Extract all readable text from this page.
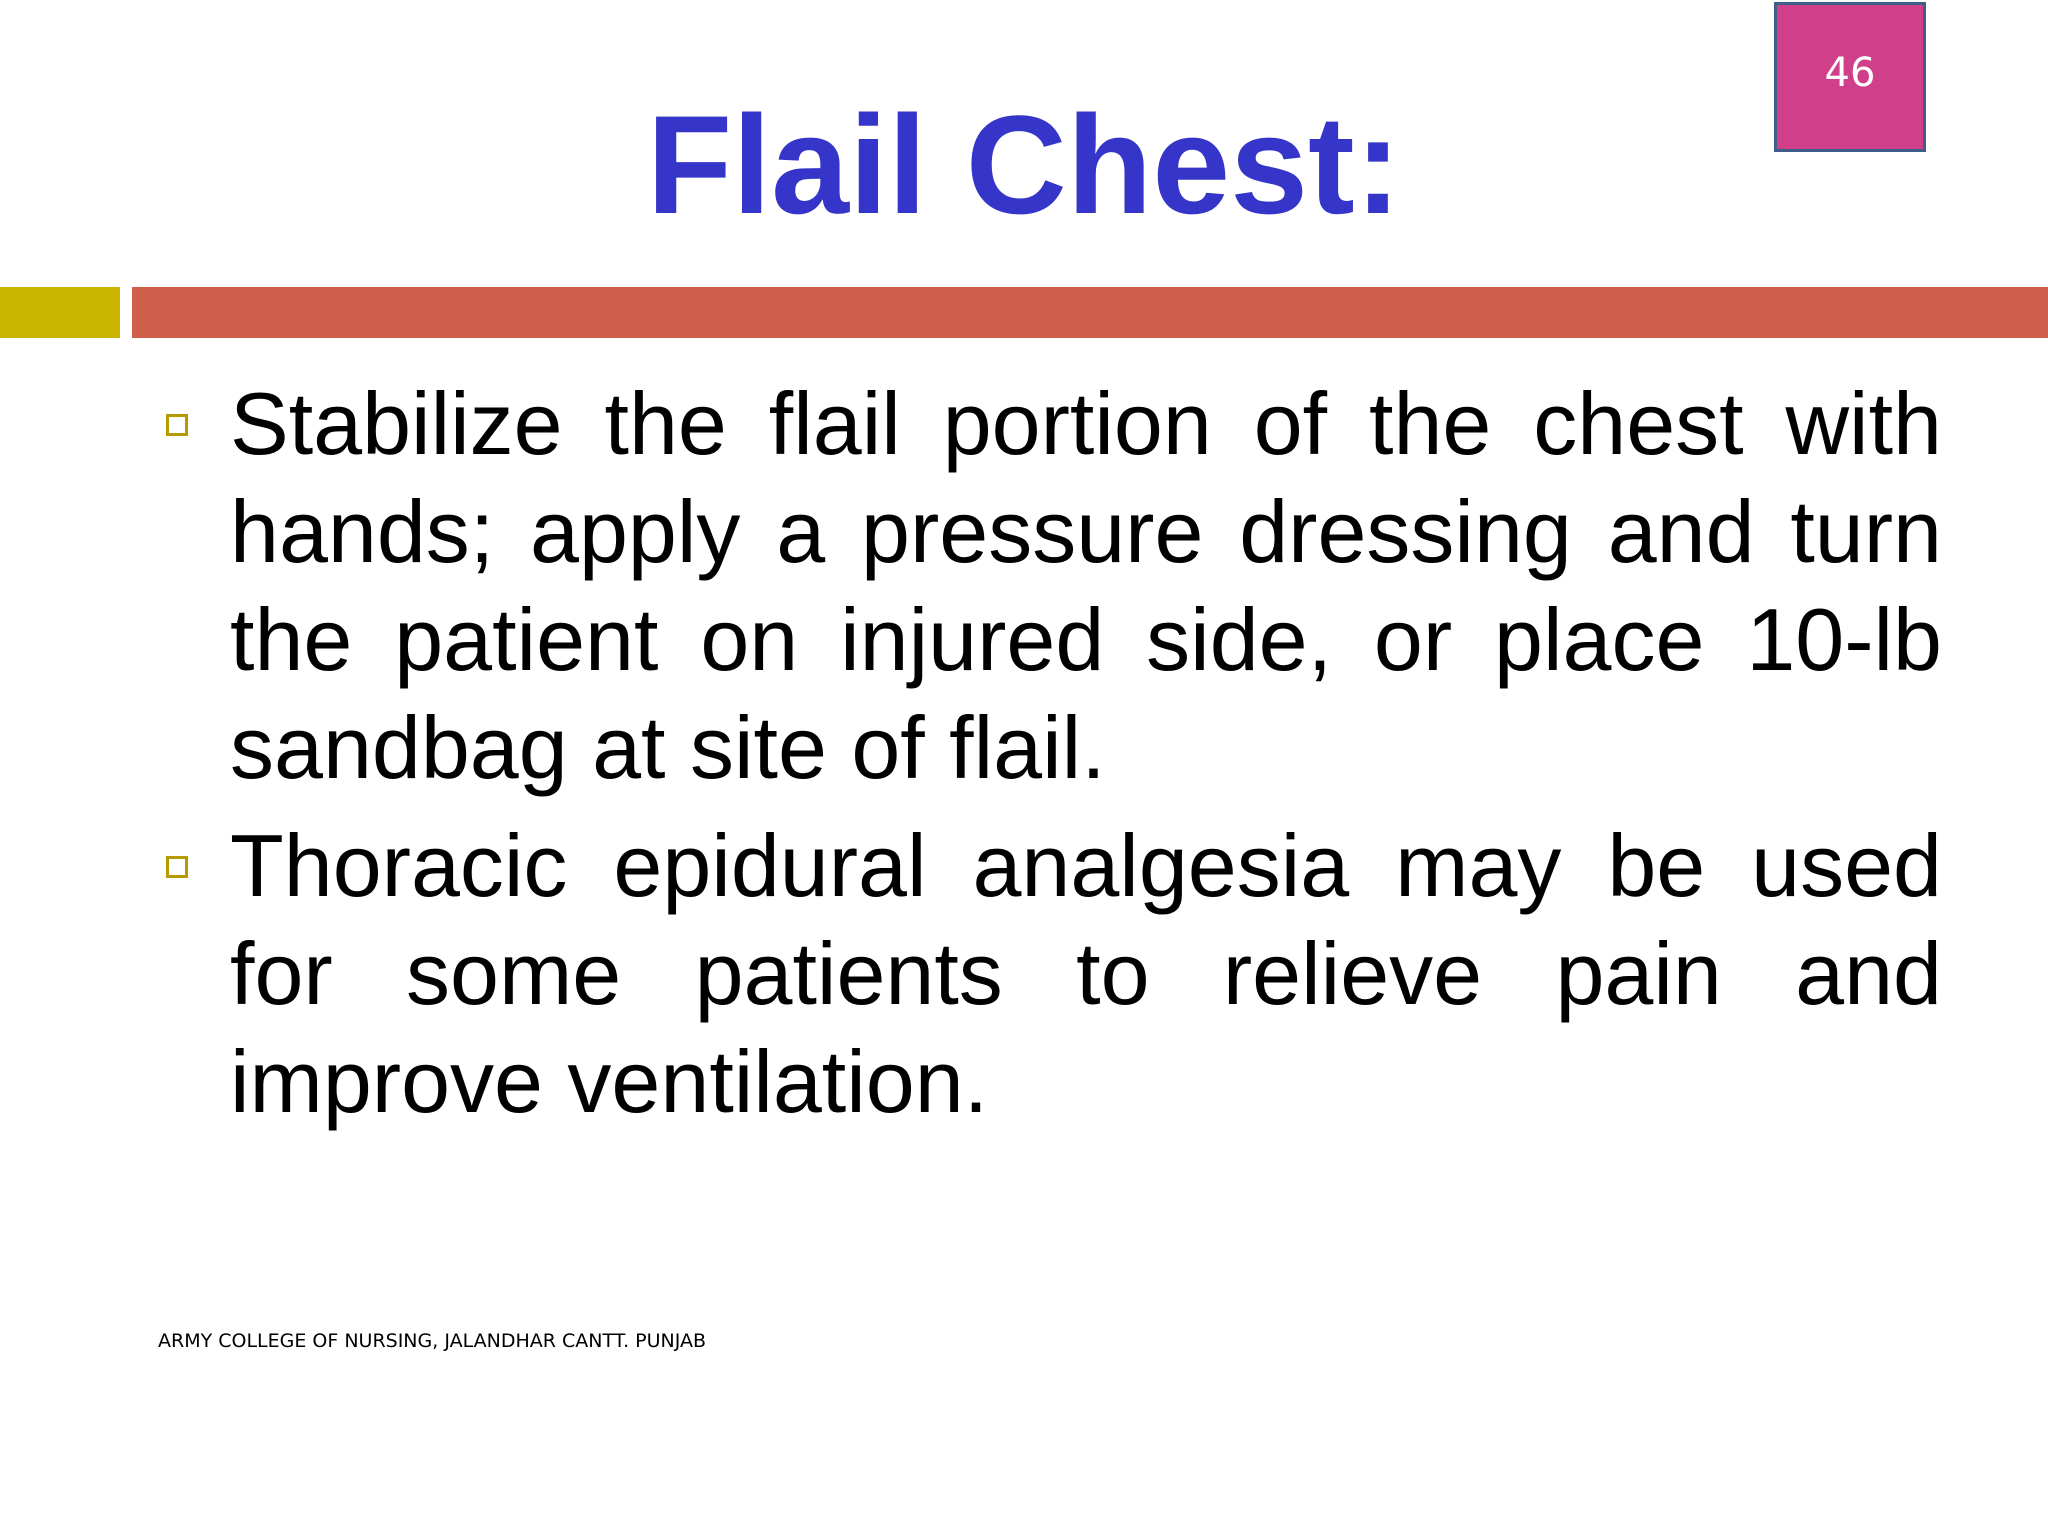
46
Flail Chest:
Stabilize the flail portion of the chest with hands; apply a pressure dressing and turn the patient on injured side, or place 10-lb sandbag at site of flail.
Thoracic epidural analgesia may be used for some patients to relieve pain and improve ventilation.
ARMY COLLEGE OF NURSING, JALANDHAR CANTT. PUNJAB
